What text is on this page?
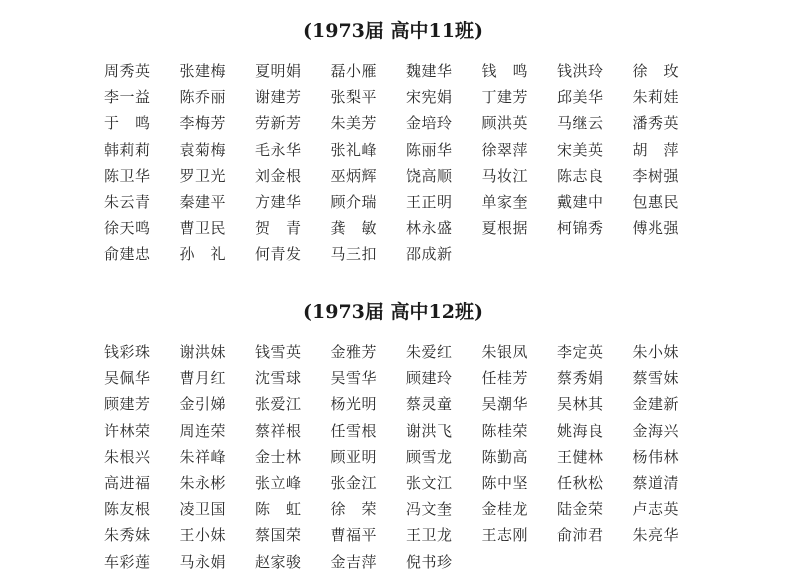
(1973届 高中11班)
周秀英	张建梅	夏明娟	磊小雁	魏建华	钱　鸣	钱洪玲	徐　玫
李一益	陈乔丽	谢建芳	张梨平	宋宪娟	丁建芳	邱美华	朱莉娃
于　鸣	李梅芳	劳新芳	朱美芳	金培玲	顾洪英	马继云	潘秀英
韩莉莉	袁菊梅	毛永华	张礼峰	陈丽华	徐翠萍	宋美英	胡　萍
陈卫华	罗卫光	刘金根	巫炳辉	饶高顺	马妆江	陈志良	李树强
朱云青	秦建平	方建华	顾介瑞	王正明	单家奎	戴建中	包惠民
徐天鸣	曹卫民	贺　青	龚　敏	林永盛	夏根据	柯锦秀	傅兆强
俞建忠	孙　礼	何青发	马三扣	邵成新
(1973届 高中12班)
钱彩珠	谢洪妹	钱雪英	金雅芳	朱爱红	朱银凤	李定英	朱小妹
吴佩华	曹月红	沈雪球	吴雪华	顾建玲	任桂芳	蔡秀娟	蔡雪妹
顾建芳	金引娣	张爱江	杨光明	蔡灵童	吴潮华	吴林其	金建新
许林荣	周连荣	蔡祥根	任雪根	谢洪飞	陈桂荣	姚海良	金海兴
朱根兴	朱祥峰	金士林	顾亚明	顾雪龙	陈勤高	王健林	杨伟林
高进福	朱永彬	张立峰	张金江	张文江	陈中坚	任秋松	蔡道清
陈友根	凌卫国	陈　虹	徐　荣	冯文奎	金桂龙	陆金荣	卢志英
朱秀妹	王小妹	蔡国荣	曹福平	王卫龙	王志刚	俞沛君	朱亮华
车彩莲	马永娟	赵家骏	金吉萍	倪书珍
